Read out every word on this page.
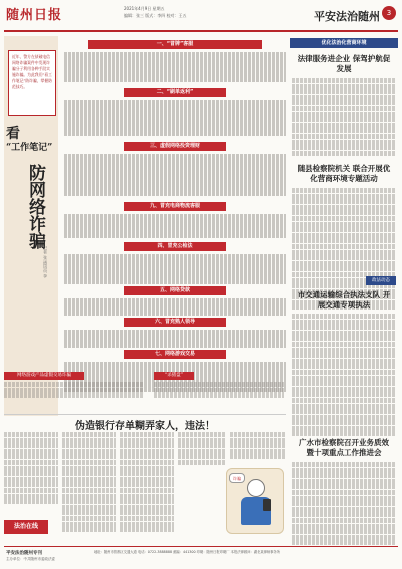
随州日报	2021年4月9日 星期五
编辑：张三 版式：李四 校对：王五	平安法治随州 3
近年，警方在侦破电信网络诈骗案件中发现诈骗分子利用各种手段实施诈骗。为此我们“看工作笔记”防诈骗，掌握防范技巧。
看
“工作笔记”
防网络诈骗
记者 张 通讯员 李
一、“冒牌”客服
二、“刷单返利”
三、虚假网络投资理财
九、冒充电商物流客服
四、冒充公检法
五、网络贷款
六、冒充熟人领导
七、网络游戏交易
网络游戏产品虚假交易诈骗	“杀猪盘”
优化法治化营商环境
法律服务进企业 保驾护航促发展
随县检察院机关 联合开展优化营商环境专题活动
政法动态
市交通运输综合执法支队 开展交通专项执法
广水市检察院召开业务质效 暨十项重点工作推进会
伪造银行存单糊弄家人，违法！
法治在线
诈骗
平安法治随州专刊
主办单位：中共随州市委政法委
地址：随州市曾都区交通大道 电话：0722-3888888 邮编：441300 印刷：随州日报印刷厂 本报法律顾问：湖北某律师事务所
